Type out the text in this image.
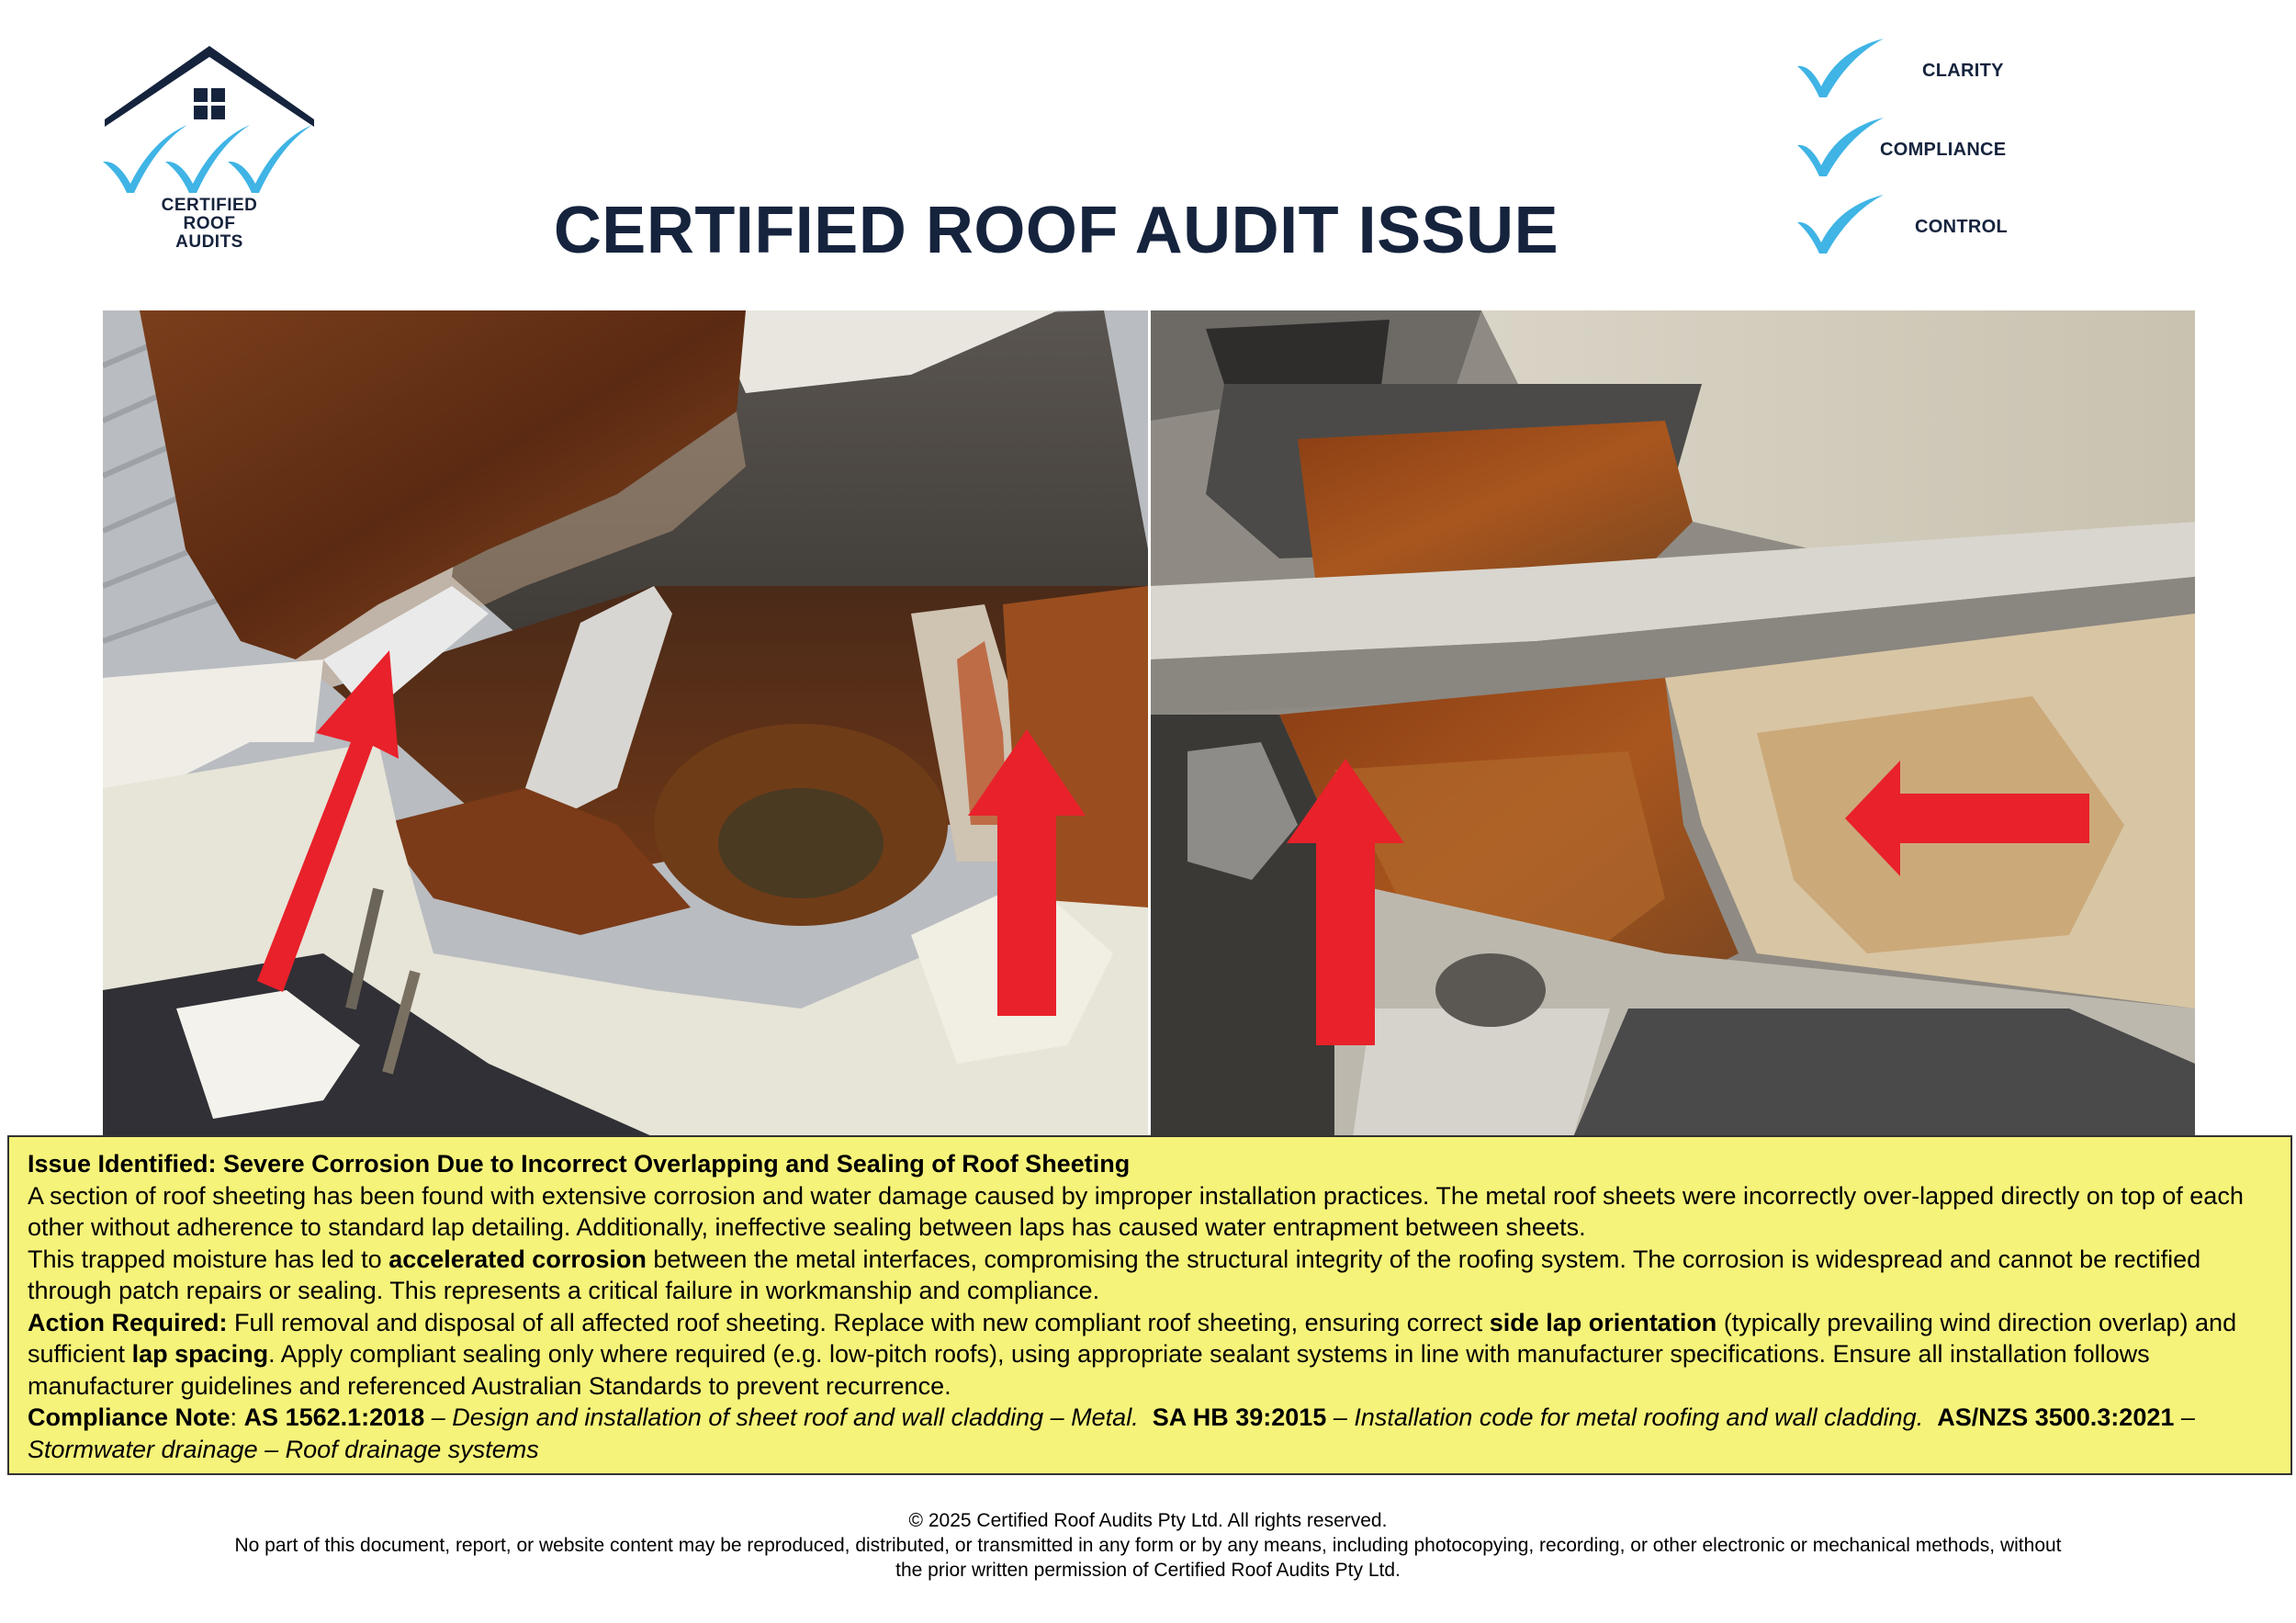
CERTIFIED
ROOF
AUDITS	CERTIFIED ROOF AUDIT ISSUE
CLARITY
COMPLIANCE
CONTROL

Issue Identified: Severe Corrosion Due to Incorrect Overlapping and Sealing of Roof Sheeting

A section of roof sheeting has been found with extensive corrosion and water damage caused by improper installation practices. The metal roof sheets were incorrectly over-lapped directly on top of each other without adherence to standard lap detailing. Additionally, ineffective sealing between laps has caused water entrapment between sheets.

This trapped moisture has led to accelerated corrosion between the metal interfaces, compromising the structural integrity of the roofing system. The corrosion is widespread and cannot be rectified through patch repairs or sealing. This represents a critical failure in workmanship and compliance.

Action Required: Full removal and disposal of all affected roof sheeting. Replace with new compliant roof sheeting, ensuring correct side lap orientation (typically prevailing wind direction overlap) and sufficient lap spacing. Apply compliant sealing only where required (e.g. low-pitch roofs), using appropriate sealant systems in line with manufacturer specifications. Ensure all installation follows manufacturer guidelines and referenced Australian Standards to prevent recurrence.

Compliance Note: AS 1562.1:2018 – Design and installation of sheet roof and wall cladding – Metal. SA HB 39:2015 – Installation code for metal roofing and wall cladding. AS/NZS 3500.3:2021 – Stormwater drainage – Roof drainage systems

© 2025 Certified Roof Audits Pty Ltd. All rights reserved.

No part of this document, report, or website content may be reproduced, distributed, or transmitted in any form or by any means, including photocopying, recording, or other electronic or mechanical methods, without

the prior written permission of Certified Roof Audits Pty Ltd.
